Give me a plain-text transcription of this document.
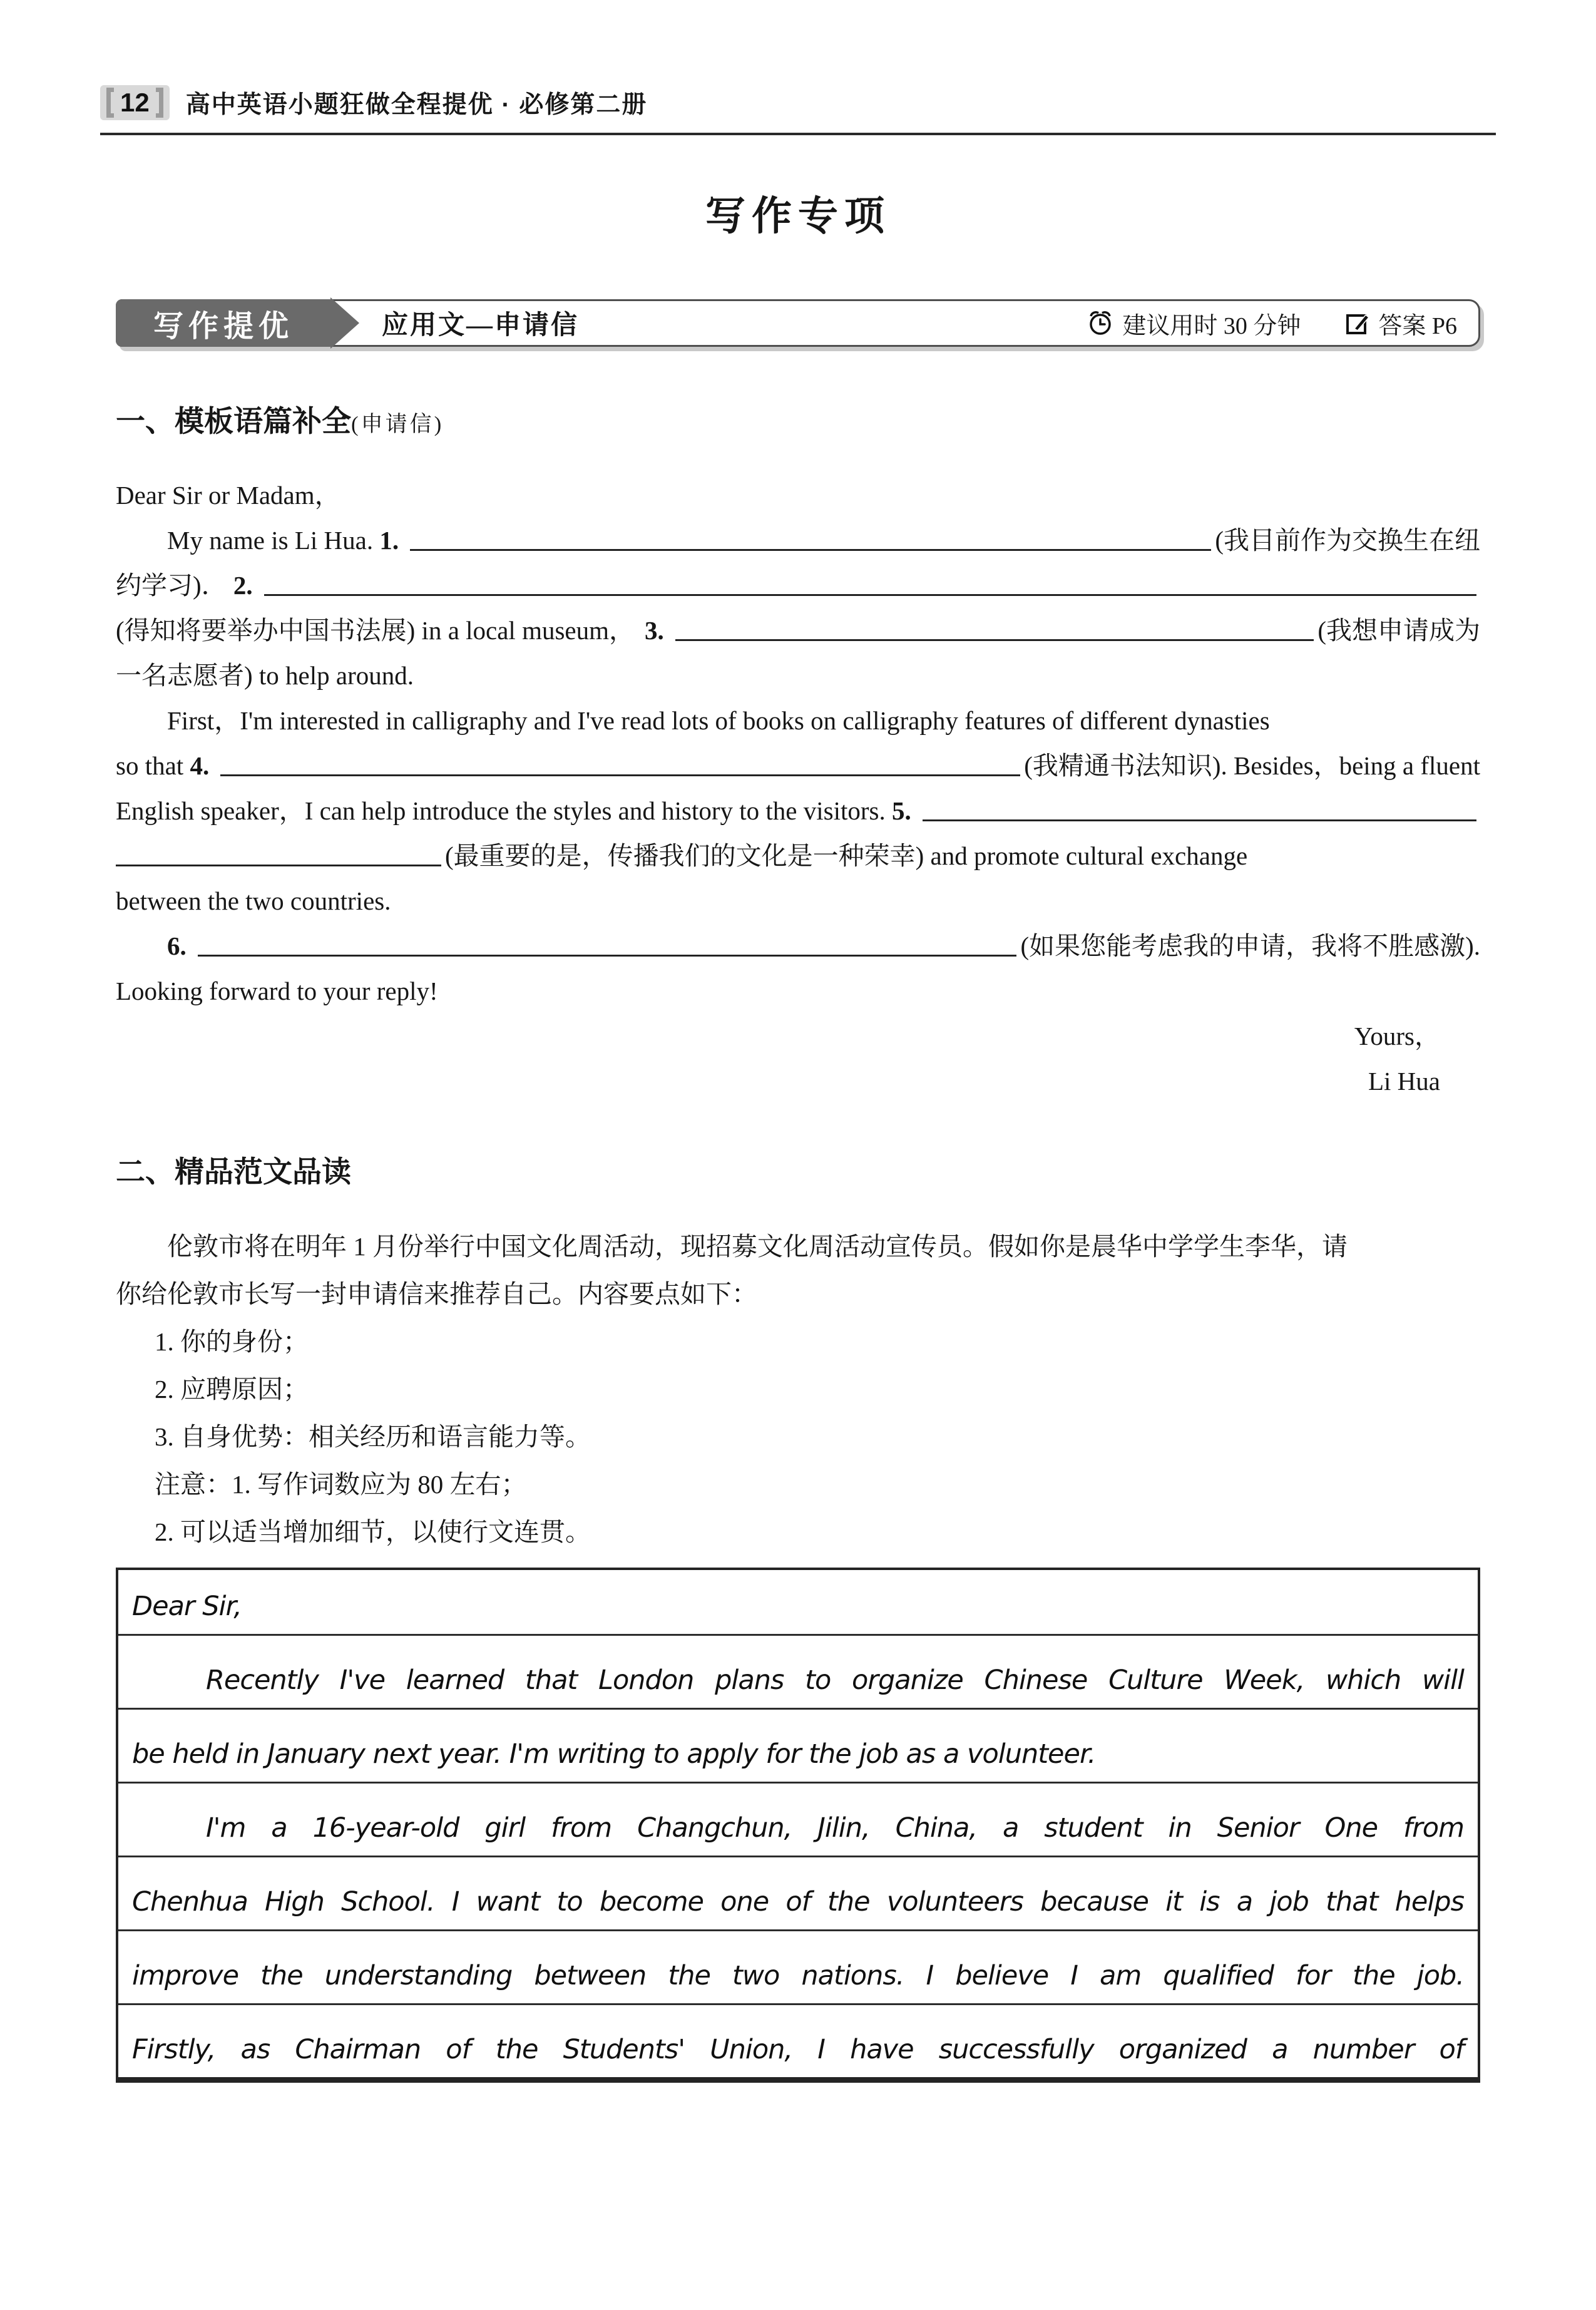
12 高中英语小题狂做全程提优 · 必修第二册
写作专项
写作提优	应用文—申请信	建议用时 30 分钟	答案 P6
一、模板语篇补全(申请信)
Dear Sir or Madam，
My name is Li Hua. 1.	(我目前作为交换生在纽
约学习)． 2.
(得知将要举办中国书法展) in a local museum， 3.	(我想申请成为
一名志愿者) to help around.
First，I'm interested in calligraphy and I've read lots of books on calligraphy features of different dynasties
so that 4.	(我精通书法知识). Besides，being a fluent
English speaker，I can help introduce the styles and history to the visitors. 5.
(最重要的是，传播我们的文化是一种荣幸) and promote cultural exchange
between the two countries.
6.	(如果您能考虑我的申请，我将不胜感激).
Looking forward to your reply!
Yours，
Li Hua
二、精品范文品读
伦敦市将在明年 1 月份举行中国文化周活动，现招募文化周活动宣传员。假如你是晨华中学学生李华，请
你给伦敦市长写一封申请信来推荐自己。内容要点如下：
1. 你的身份；
2. 应聘原因；
3. 自身优势：相关经历和语言能力等。
注意：1. 写作词数应为 80 左右；
2. 可以适当增加细节，以使行文连贯。
Dear Sir,
Recently I've learned that London plans to organize Chinese Culture Week, which will
be held in January next year. I'm writing to apply for the job as a volunteer.
I'm a 16-year-old girl from Changchun, Jilin, China, a student in Senior One from
Chenhua High School. I want to become one of the volunteers because it is a job that helps
improve the understanding between the two nations. I believe I am qualified for the job.
Firstly, as Chairman of the Students' Union, I have successfully organized a number of
